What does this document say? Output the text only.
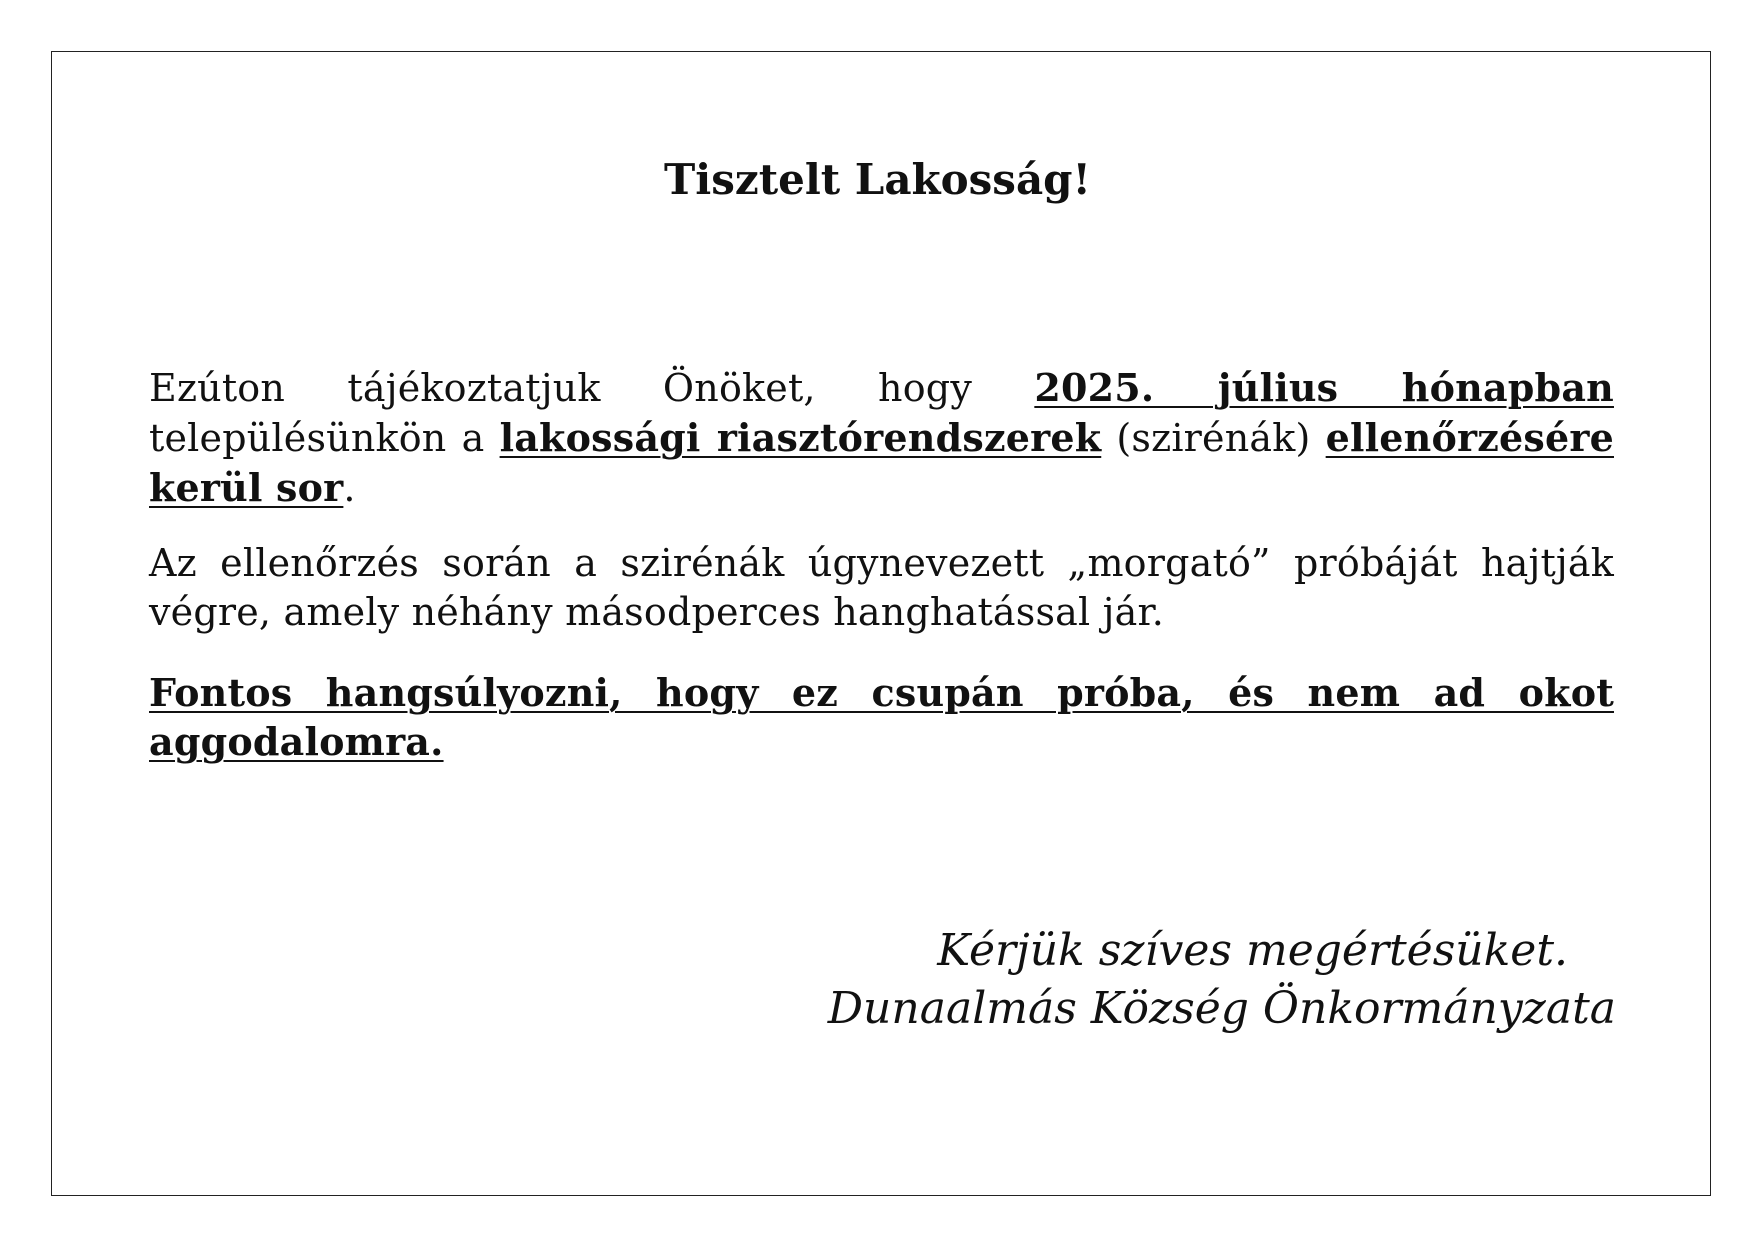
Tisztelt Lakosság!

Ezúton tájékoztatjuk Önöket, hogy 2025. július hónapban településünkön a lakossági riasztórendszerek (szirénák) ellenőrzésére kerül sor.

Az ellenőrzés során a szirénák úgynevezett „morgató” próbáját hajtják végre, amely néhány másodperces hanghatással jár.

Fontos hangsúlyozni, hogy ez csupán próba, és nem ad okot aggodalomra.

Kérjük szíves megértésüket.
Dunaalmás Község Önkormányzata
